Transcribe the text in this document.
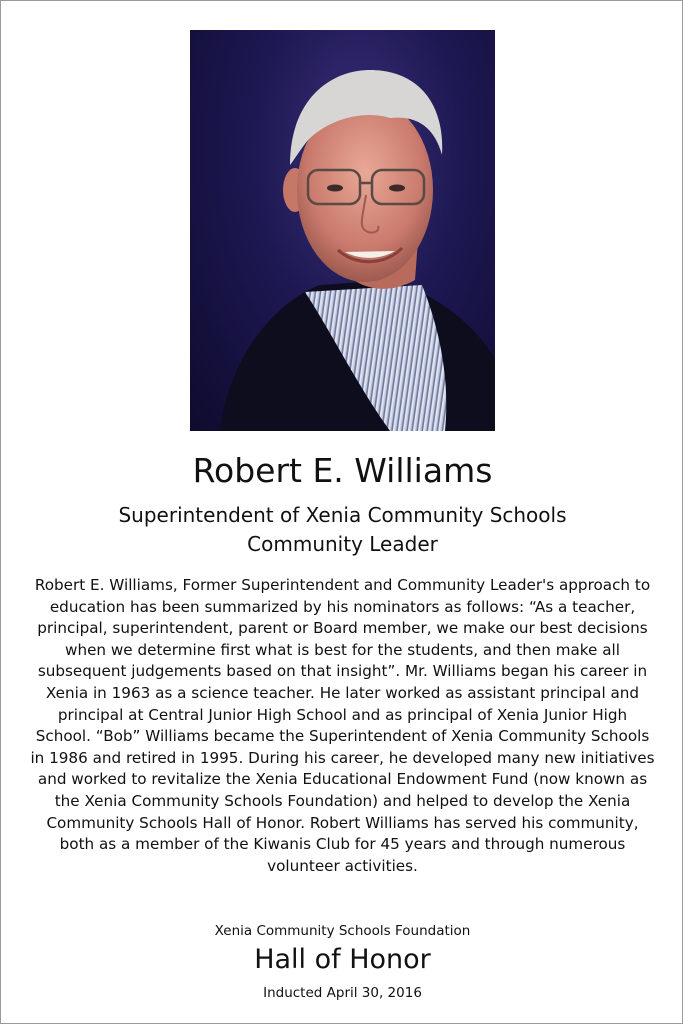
Robert E. Williams
Superintendent of Xenia Community Schools
Community Leader
Robert E. Williams, Former Superintendent and Community Leader's approach to education has been summarized by his nominators as follows: “As a teacher, principal, superintendent, parent or Board member, we make our best decisions when we determine first what is best for the students, and then make all subsequent judgements based on that insight”. Mr. Williams began his career in Xenia in 1963 as a science teacher. He later worked as assistant principal and principal at Central Junior High School and as principal of Xenia Junior High School. “Bob” Williams became the Superintendent of Xenia Community Schools in 1986 and retired in 1995. During his career, he developed many new initiatives and worked to revitalize the Xenia Educational Endowment Fund (now known as the Xenia Community Schools Foundation) and helped to develop the Xenia Community Schools Hall of Honor. Robert Williams has served his community, both as a member of the Kiwanis Club for 45 years and through numerous volunteer activities.
Xenia Community Schools Foundation
Hall of Honor
Inducted April 30, 2016
